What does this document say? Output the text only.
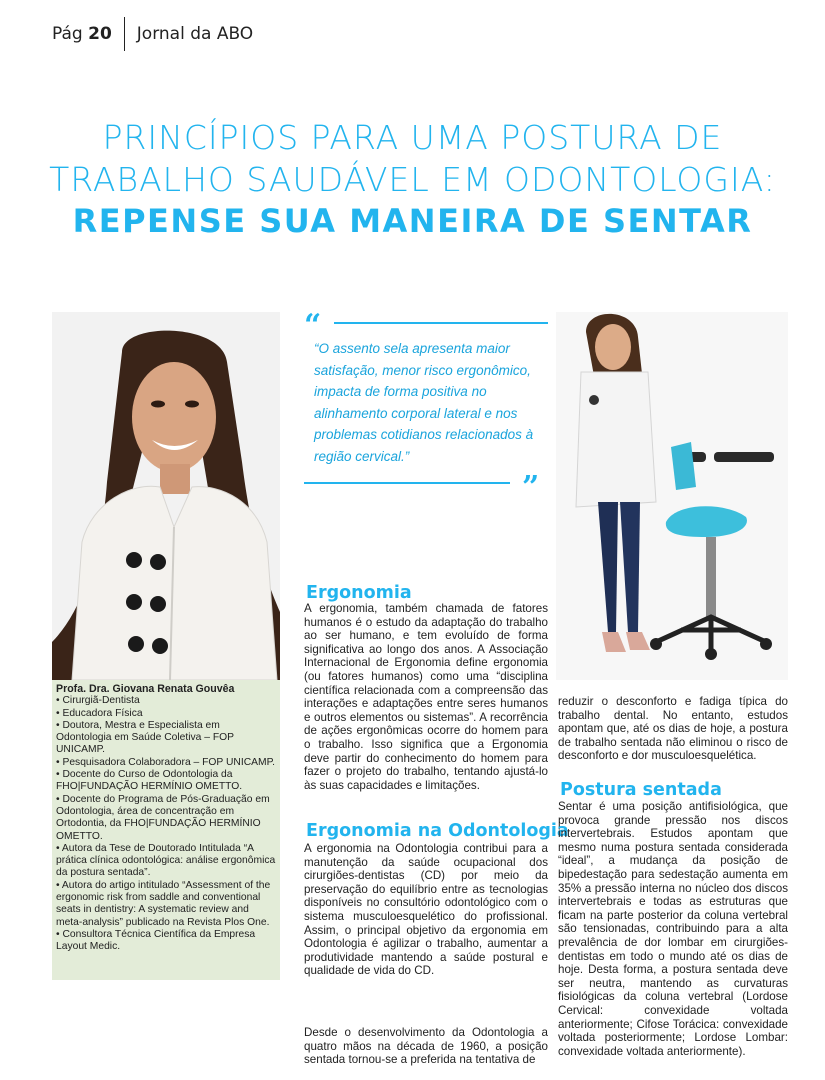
Pág 20 Jornal da ABO
PRINCÍPIOS PARA UMA POSTURA DE
TRABALHO SAUDÁVEL EM ODONTOLOGIA:
REPENSE SUA MANEIRA DE SENTAR
Profa. Dra. Giovana Renata Gouvêa
• Cirurgiã-Dentista
• Educadora Física
• Doutora, Mestra e Especialista em Odontologia em Saúde Coletiva – FOP UNICAMP.
• Pesquisadora Colaboradora – FOP UNICAMP.
• Docente do Curso de Odontologia da FHO|FUNDAÇÃO HERMÍNIO OMETTO.
• Docente do Programa de Pós-Graduação em Odontologia, área de concentração em Ortodontia, da FHO|FUNDAÇÃO HERMÍNIO OMETTO.
• Autora da Tese de Doutorado Intitulada “A prática clínica odontológica: análise ergonômica da postura sentada”.
• Autora do artigo intitulado “Assessment of the ergonomic risk from saddle and conventional seats in dentistry: A systematic review and meta-analysis” publicado na Revista Plos One.
• Consultora Técnica Científica da Empresa Layout Medic.
“
“O assento sela apresenta maior satisfação, menor risco ergonômico, impacta de forma positiva no alinhamento corporal lateral e nos problemas cotidianos relacionados à região cervical.”
”
Ergonomia
A ergonomia, também chamada de fatores humanos é o estudo da adaptação do trabalho ao ser humano, e tem evoluído de forma significativa ao longo dos anos. A Associação Internacional de Ergonomia define ergonomia (ou fatores humanos) como uma “disciplina científica relacionada com a compreensão das interações e adaptações entre seres humanos e outros elementos ou sistemas”. A recorrência de ações ergonômicas ocorre do homem para o trabalho. Isso significa que a Ergonomia deve partir do conhecimento do homem para fazer o projeto do trabalho, tentando ajustá-lo às suas capacidades e limitações.
Ergonomia na Odontologia
A ergonomia na Odontologia contribui para a manutenção da saúde ocupacional dos cirurgiões-dentistas (CD) por meio da preservação do equilíbrio entre as tecnologias disponíveis no consultório odontológico com o sistema musculoesquelético do profissional. Assim, o principal objetivo da ergonomia em Odontologia é agilizar o trabalho, aumentar a produtividade mantendo a saúde postural e qualidade de vida do CD.
Desde o desenvolvimento da Odontologia a quatro mãos na década de 1960, a posição sentada tornou-se a preferida na tentativa de
reduzir o desconforto e fadiga típica do trabalho dental. No entanto, estudos apontam que, até os dias de hoje, a postura de trabalho sentada não eliminou o risco de desconforto e dor musculoesquelética.
Postura sentada
Sentar é uma posição antifisiológica, que provoca grande pressão nos discos intervertebrais. Estudos apontam que mesmo numa postura sentada considerada “ideal”, a mudança da posição de bipedestação para sedestação aumenta em 35% a pressão interna no núcleo dos discos intervertebrais e todas as estruturas que ficam na parte posterior da coluna vertebral são tensionadas, contribuindo para a alta prevalência de dor lombar em cirurgiões-dentistas em todo o mundo até os dias de hoje. Desta forma, a postura sentada deve ser neutra, mantendo as curvaturas fisiológicas da coluna vertebral (Lordose Cervical: convexidade voltada anteriormente; Cifose Torácica: convexidade voltada posteriormente; Lordose Lombar: convexidade voltada anteriormente).
